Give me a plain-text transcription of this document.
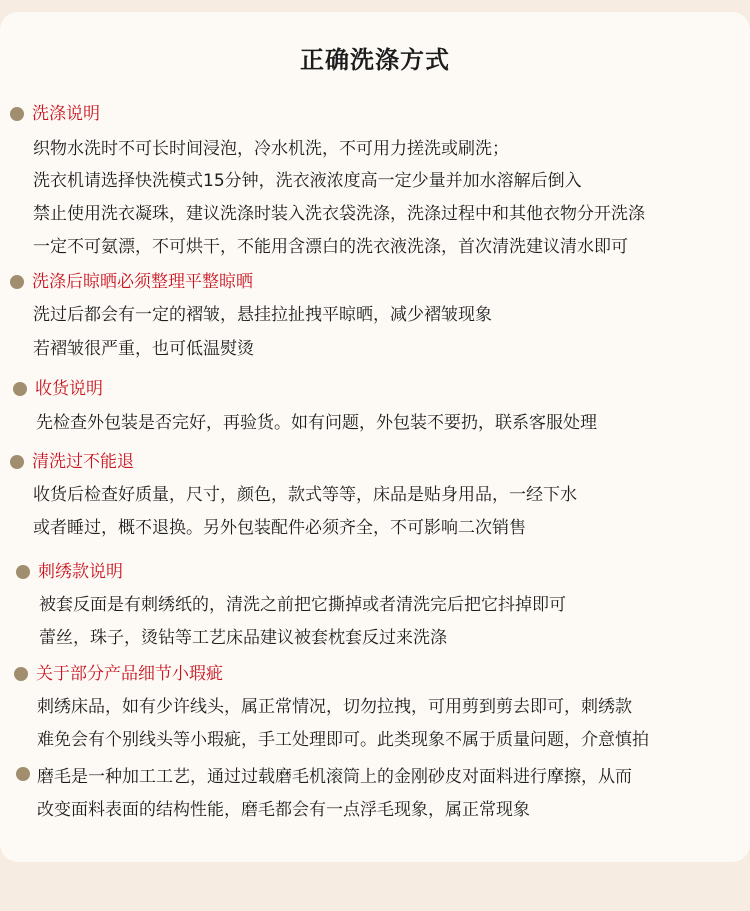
正确洗涤方式
洗涤说明
织物水洗时不可长时间浸泡，冷水机洗，不可用力搓洗或刷洗；
洗衣机请选择快洗模式15分钟，洗衣液浓度高一定少量并加水溶解后倒入
禁止使用洗衣凝珠，建议洗涤时装入洗衣袋洗涤，洗涤过程中和其他衣物分开洗涤
一定不可氨漂，不可烘干，不能用含漂白的洗衣液洗涤，首次清洗建议清水即可
洗涤后晾晒必须整理平整晾晒
洗过后都会有一定的褶皱，悬挂拉扯拽平晾晒，减少褶皱现象
若褶皱很严重，也可低温熨烫
收货说明
先检查外包装是否完好，再验货。如有问题，外包装不要扔，联系客服处理
清洗过不能退
收货后检查好质量，尺寸，颜色，款式等等，床品是贴身用品，一经下水
或者睡过，概不退换。另外包装配件必须齐全，不可影响二次销售
刺绣款说明
被套反面是有刺绣纸的，清洗之前把它撕掉或者清洗完后把它抖掉即可
蕾丝，珠子，烫钻等工艺床品建议被套枕套反过来洗涤
关于部分产品细节小瑕疵
刺绣床品，如有少许线头，属正常情况，切勿拉拽，可用剪到剪去即可，刺绣款
难免会有个别线头等小瑕疵，手工处理即可。此类现象不属于质量问题，介意慎拍
磨毛是一种加工工艺，通过过载磨毛机滚筒上的金刚砂皮对面料进行摩擦，从而
改变面料表面的结构性能，磨毛都会有一点浮毛现象，属正常现象
